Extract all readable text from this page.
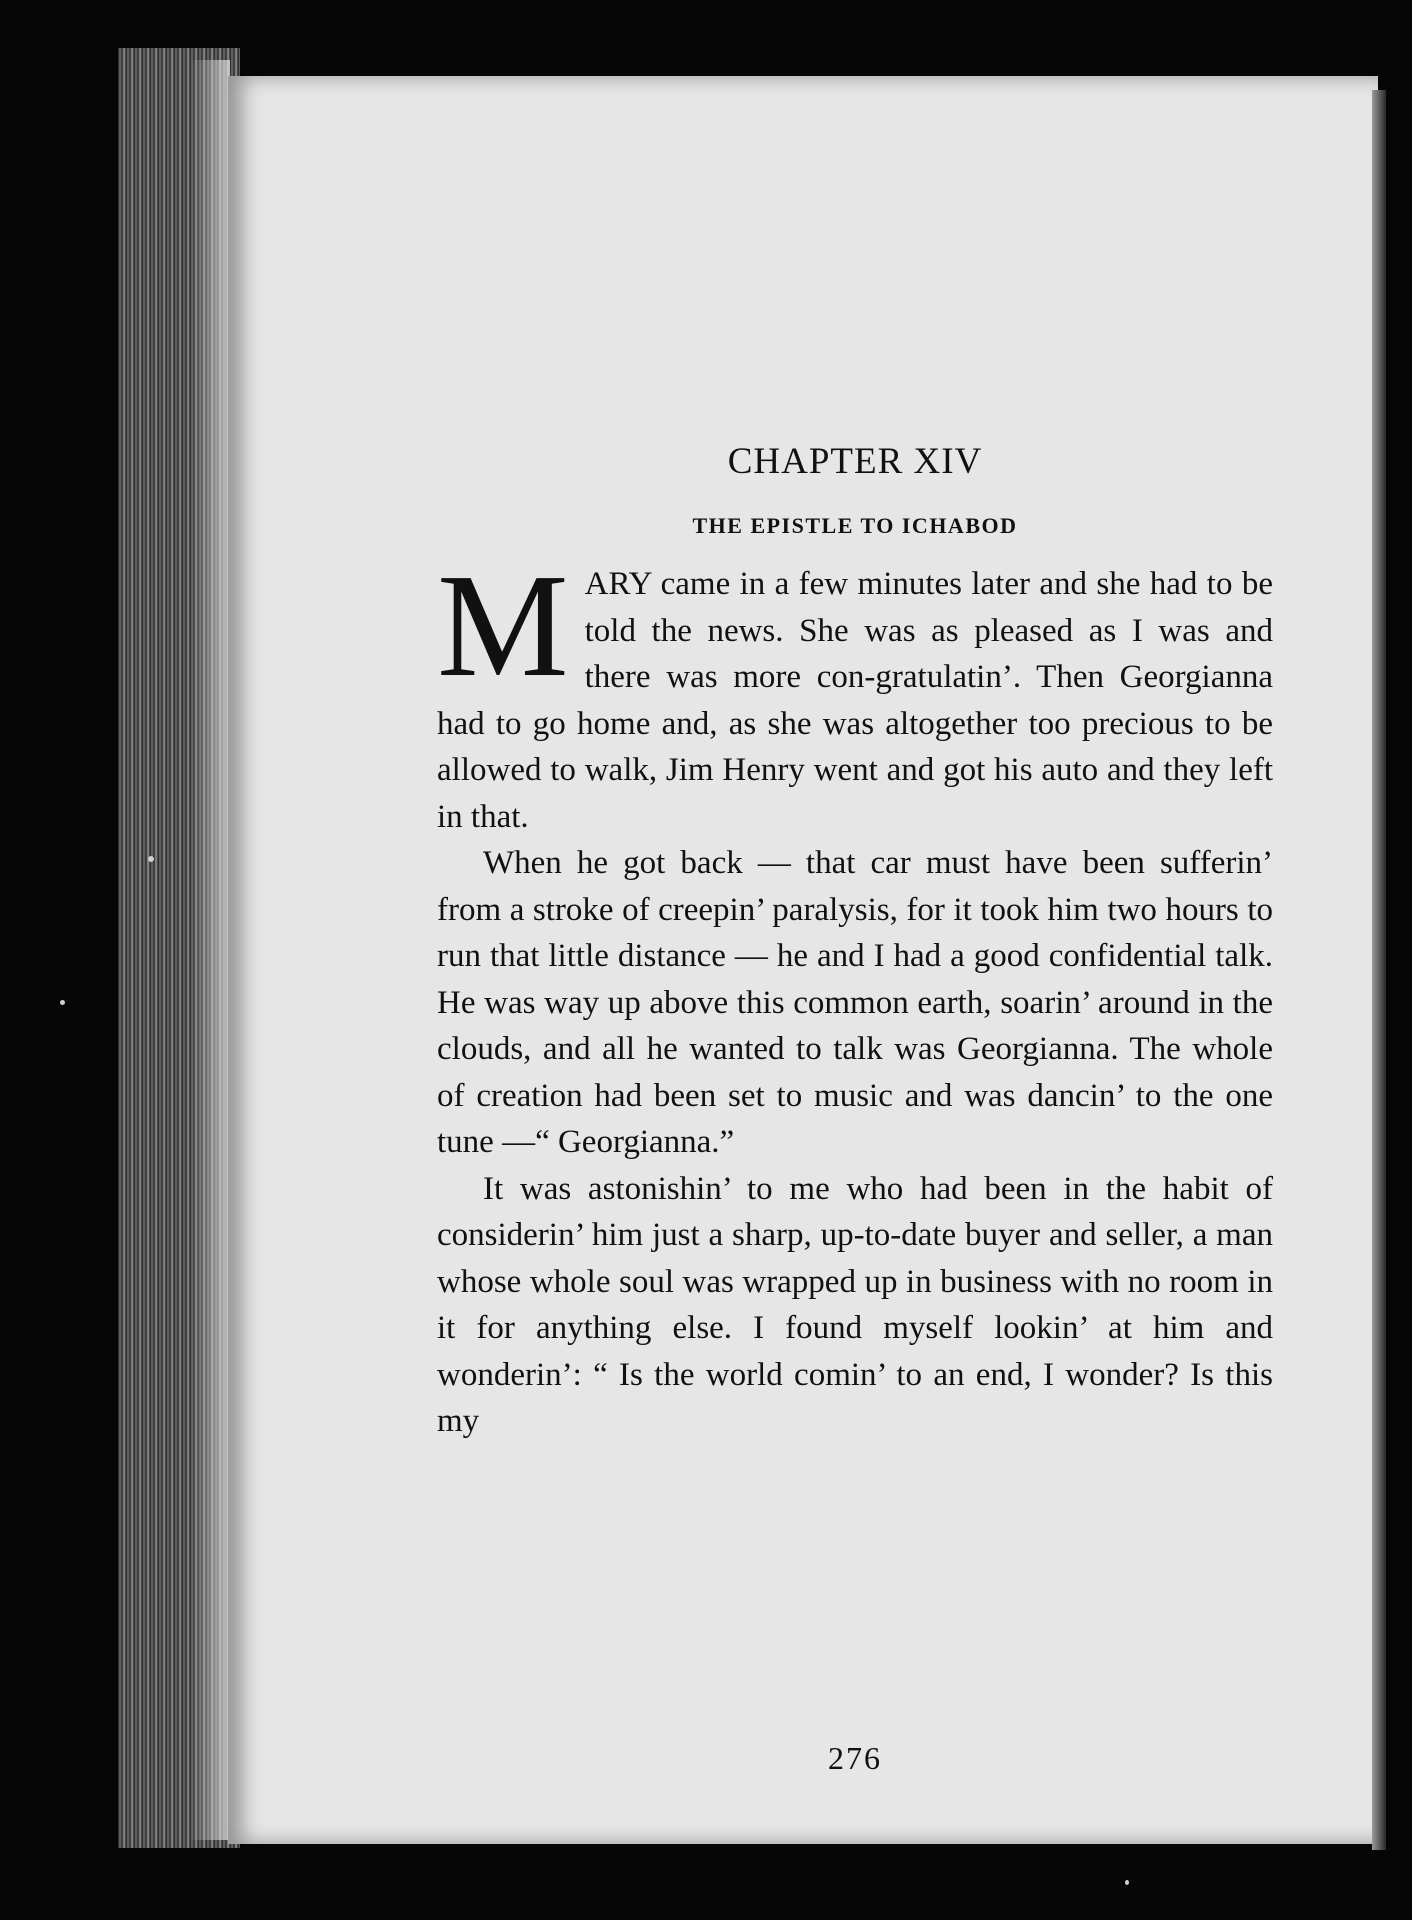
CHAPTER XIV
THE EPISTLE TO ICHABOD

MARY came in a few minutes later and she had to be told the news. She was as pleased as I was and there was more con-gratulatin’. Then Georgianna had to go home and, as she was altogether too precious to be allowed to walk, Jim Henry went and got his auto and they left in that.

When he got back — that car must have been sufferin’ from a stroke of creepin’ paralysis, for it took him two hours to run that little distance — he and I had a good confidential talk. He was way up above this common earth, soarin’ around in the clouds, and all he wanted to talk was Georgianna. The whole of creation had been set to music and was dancin’ to the one tune —“ Georgianna.”

It was astonishin’ to me who had been in the habit of considerin’ him just a sharp, up-to-date buyer and seller, a man whose whole soul was wrapped up in business with no room in it for anything else. I found myself lookin’ at him and wonderin’: “ Is the world comin’ to an end, I wonder? Is this my

276
